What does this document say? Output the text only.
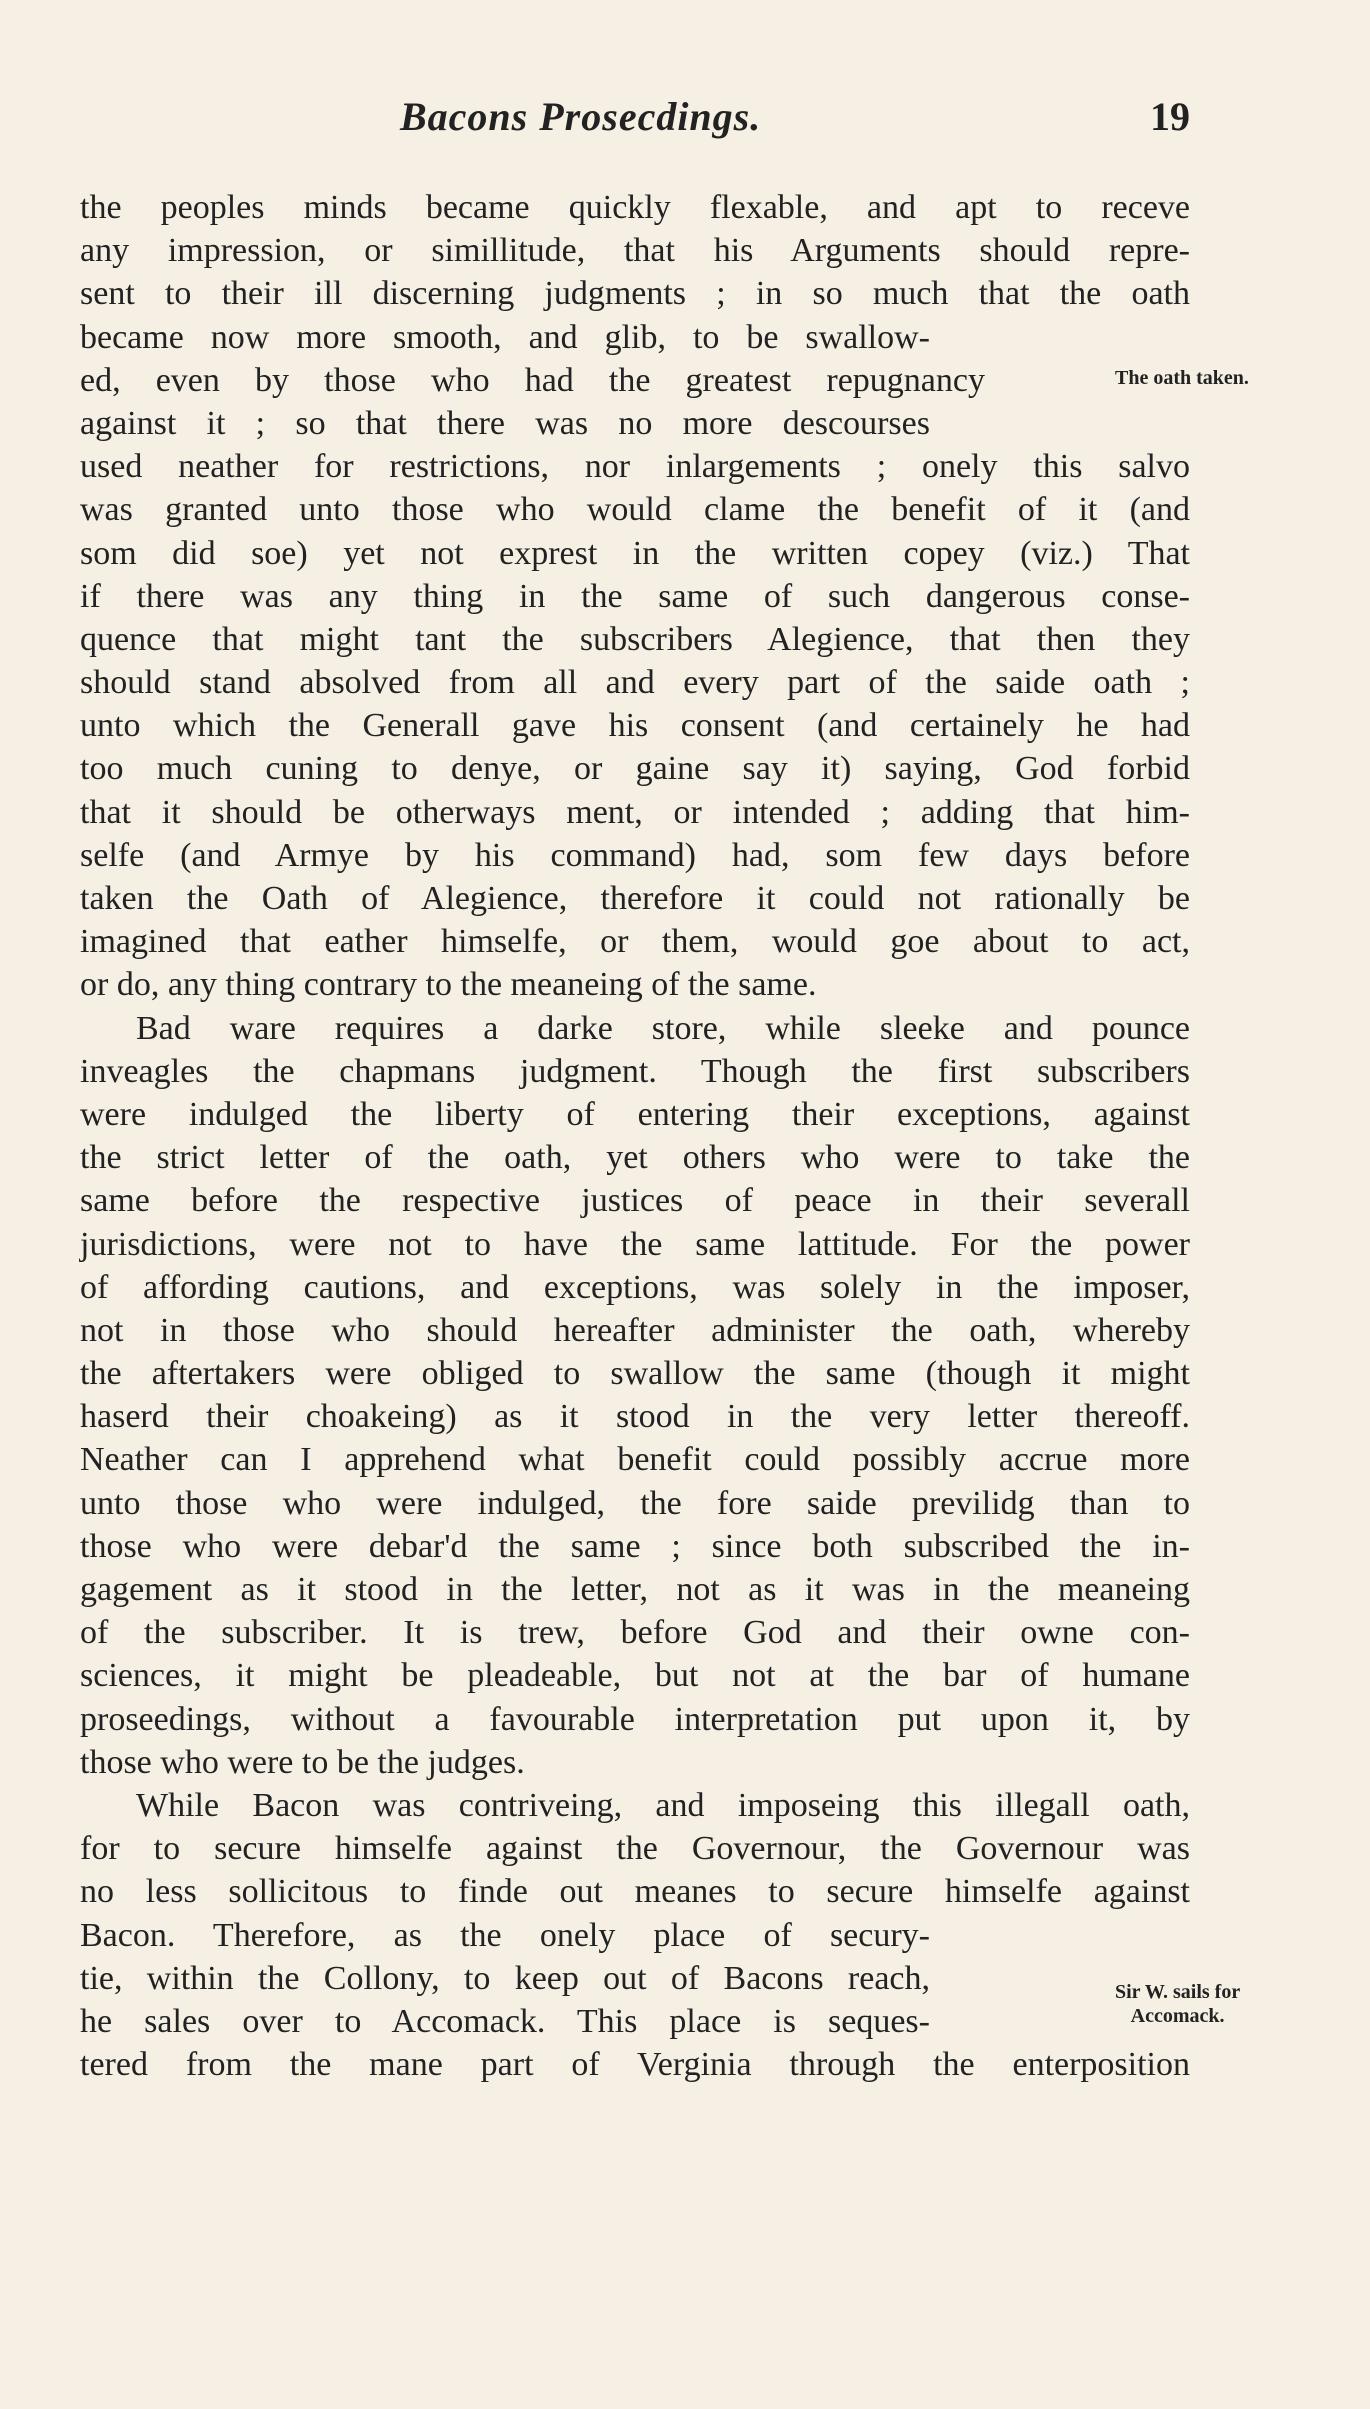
Bacons Prosecdings.	19
the peoples minds became quickly flexable, and apt to receve
any impression, or simillitude, that his Arguments should repre-
sent to their ill discerning judgments ; in so much that the oath
became now more smooth, and glib, to be swallow-
ed, even by those who had the greatest repugnancy
against it ; so that there was no more descourses
used neather for restrictions, nor inlargements ; onely this salvo
was granted unto those who would clame the benefit of it (and
som did soe) yet not exprest in the written copey (viz.) That
if there was any thing in the same of such dangerous conse-
quence that might tant the subscribers Alegience, that then they
should stand absolved from all and every part of the saide oath ;
unto which the Generall gave his consent (and certainely he had
too much cuning to denye, or gaine say it) saying, God forbid
that it should be otherways ment, or intended ; adding that him-
selfe (and Armye by his command) had, som few days before
taken the Oath of Alegience, therefore it could not rationally be
imagined that eather himselfe, or them, would goe about to act,
or do, any thing contrary to the meaneing of the same.
Bad ware requires a darke store, while sleeke and pounce
inveagles the chapmans judgment. Though the first subscribers
were indulged the liberty of entering their exceptions, against
the strict letter of the oath, yet others who were to take the
same before the respective justices of peace in their severall
jurisdictions, were not to have the same lattitude. For the power
of affording cautions, and exceptions, was solely in the imposer,
not in those who should hereafter administer the oath, whereby
the aftertakers were obliged to swallow the same (though it might
haserd their choakeing) as it stood in the very letter thereoff.
Neather can I apprehend what benefit could possibly accrue more
unto those who were indulged, the fore saide previlidg than to
those who were debar'd the same ; since both subscribed the in-
gagement as it stood in the letter, not as it was in the meaneing
of the subscriber. It is trew, before God and their owne con-
sciences, it might be pleadeable, but not at the bar of humane
proseedings, without a favourable interpretation put upon it, by
those who were to be the judges.
While Bacon was contriveing, and imposeing this illegall oath,
for to secure himselfe against the Governour, the Governour was
no less sollicitous to finde out meanes to secure himselfe against
Bacon. Therefore, as the onely place of secury-
tie, within the Collony, to keep out of Bacons reach,
he sales over to Accomack. This place is seques-
tered from the mane part of Verginia through the enterposition
The oath taken.
Sir W. sails for
Accomack.
